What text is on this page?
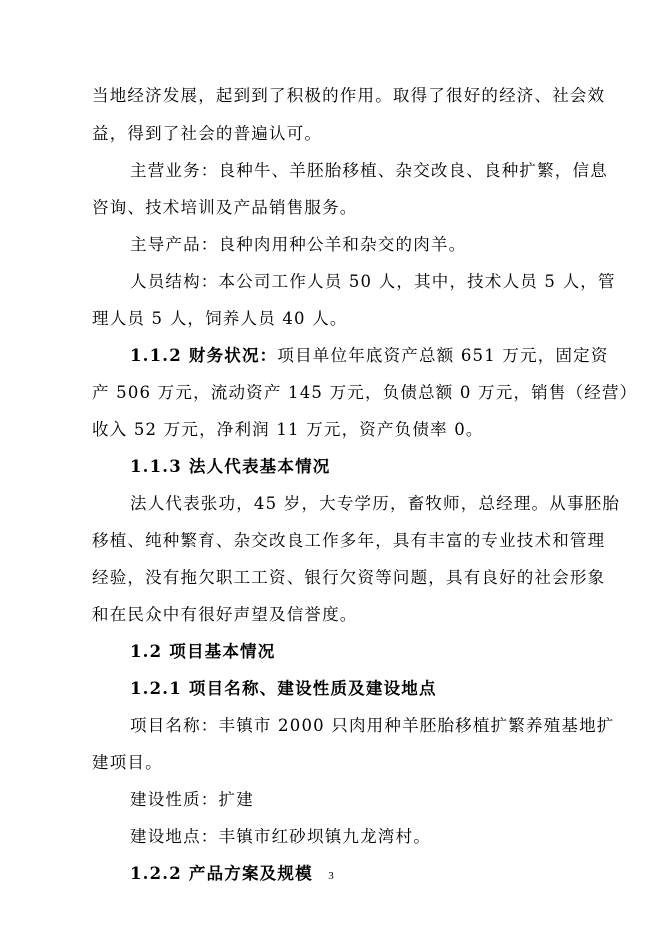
当地经济发展，起到到了积极的作用。取得了很好的经济、社会效
益，得到了社会的普遍认可。
主营业务：良种牛、羊胚胎移植、杂交改良、良种扩繁，信息
咨询、技术培训及产品销售服务。
主导产品：良种肉用种公羊和杂交的肉羊。
人员结构：本公司工作人员 50 人，其中，技术人员 5 人，管
理人员 5 人，饲养人员 40 人。
1.1.2 财务状况：项目单位年底资产总额 651 万元，固定资
产 506 万元，流动资产 145 万元，负债总额 0 万元，销售（经营）
收入 52 万元，净利润 11 万元，资产负债率 0。
1.1.3 法人代表基本情况
法人代表张功，45 岁，大专学历，畜牧师，总经理。从事胚胎
移植、纯种繁育、杂交改良工作多年，具有丰富的专业技术和管理
经验，没有拖欠职工工资、银行欠资等问题，具有良好的社会形象
和在民众中有很好声望及信誉度。
1.2 项目基本情况
1.2.1 项目名称、建设性质及建设地点
项目名称：丰镇市 2000 只肉用种羊胚胎移植扩繁养殖基地扩
建项目。
建设性质：扩建
建设地点：丰镇市红砂坝镇九龙湾村。
1.2.2 产品方案及规模	3
